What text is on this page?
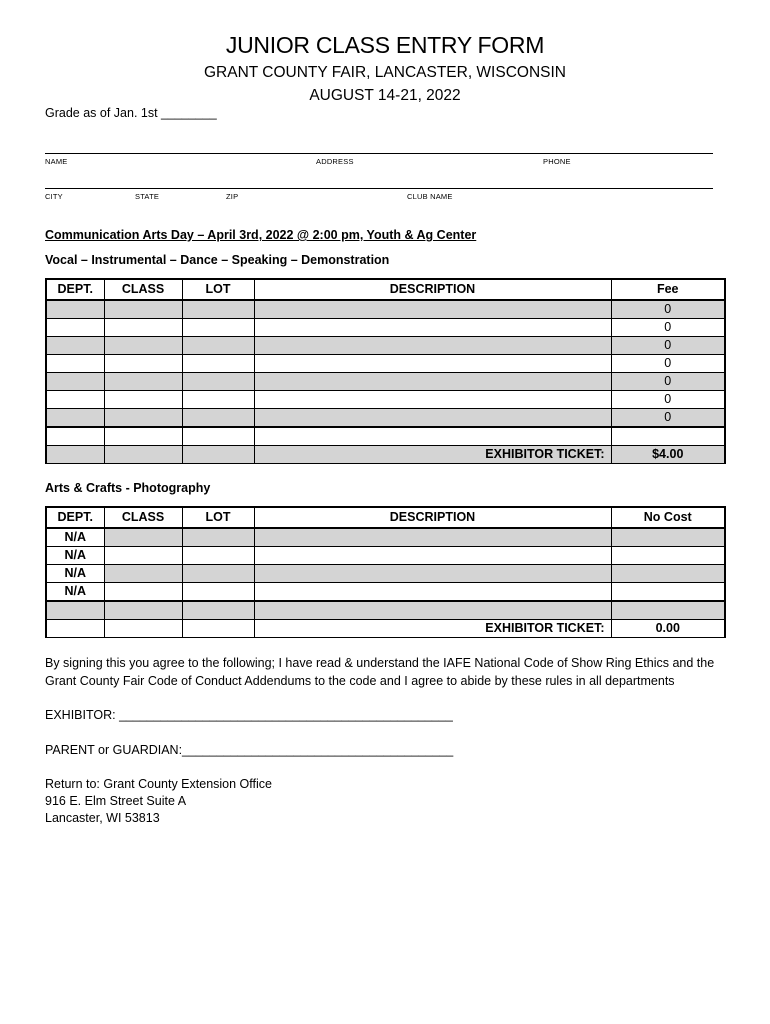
JUNIOR CLASS ENTRY FORM
GRANT COUNTY FAIR, LANCASTER, WISCONSIN
AUGUST 14-21, 2022
Grade as of Jan. 1st ________
NAME	ADDRESS	PHONE
CITY	STATE	ZIP	CLUB NAME
Communication Arts Day – April 3rd, 2022 @ 2:00 pm, Youth & Ag Center
Vocal – Instrumental – Dance – Speaking – Demonstration
DEPT.	CLASS	LOT	DESCRIPTION	Fee
				0
				0
				0
				0
				0
				0
				0

			EXHIBITOR TICKET:	$4.00
Arts & Crafts - Photography
DEPT.	CLASS	LOT	DESCRIPTION	No Cost
N/A				
N/A				
N/A				
N/A				

			EXHIBITOR TICKET:	0.00
By signing this you agree to the following; I have read & understand the IAFE National Code of Show Ring Ethics and the
Grant County Fair Code of Conduct Addendums to the code and I agree to abide by these rules in all departments
EXHIBITOR: ________________________________________________
PARENT or GUARDIAN:_______________________________________
Return to: Grant County Extension Office
916 E. Elm Street Suite A
Lancaster, WI 53813
